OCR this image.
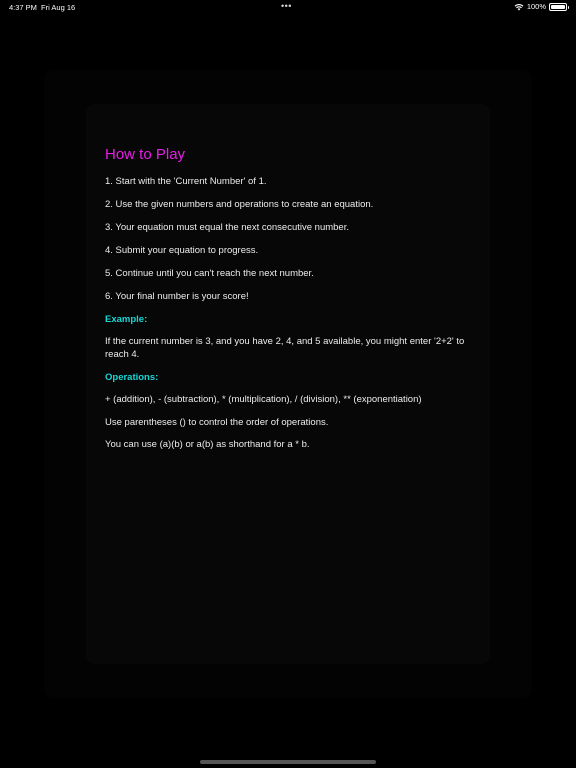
4:37 PM Fri Aug 16	•••	100%
How to Play

1. Start with the 'Current Number' of 1.

2. Use the given numbers and operations to create an equation.

3. Your equation must equal the next consecutive number.

4. Submit your equation to progress.

5. Continue until you can't reach the next number.

6. Your final number is your score!

Example:

If the current number is 3, and you have 2, 4, and 5 available, you might enter '2+2' to reach 4.

Operations:

+ (addition), - (subtraction), * (multiplication), / (division), ** (exponentiation)

Use parentheses () to control the order of operations.

You can use (a)(b) or a(b) as shorthand for a * b.
